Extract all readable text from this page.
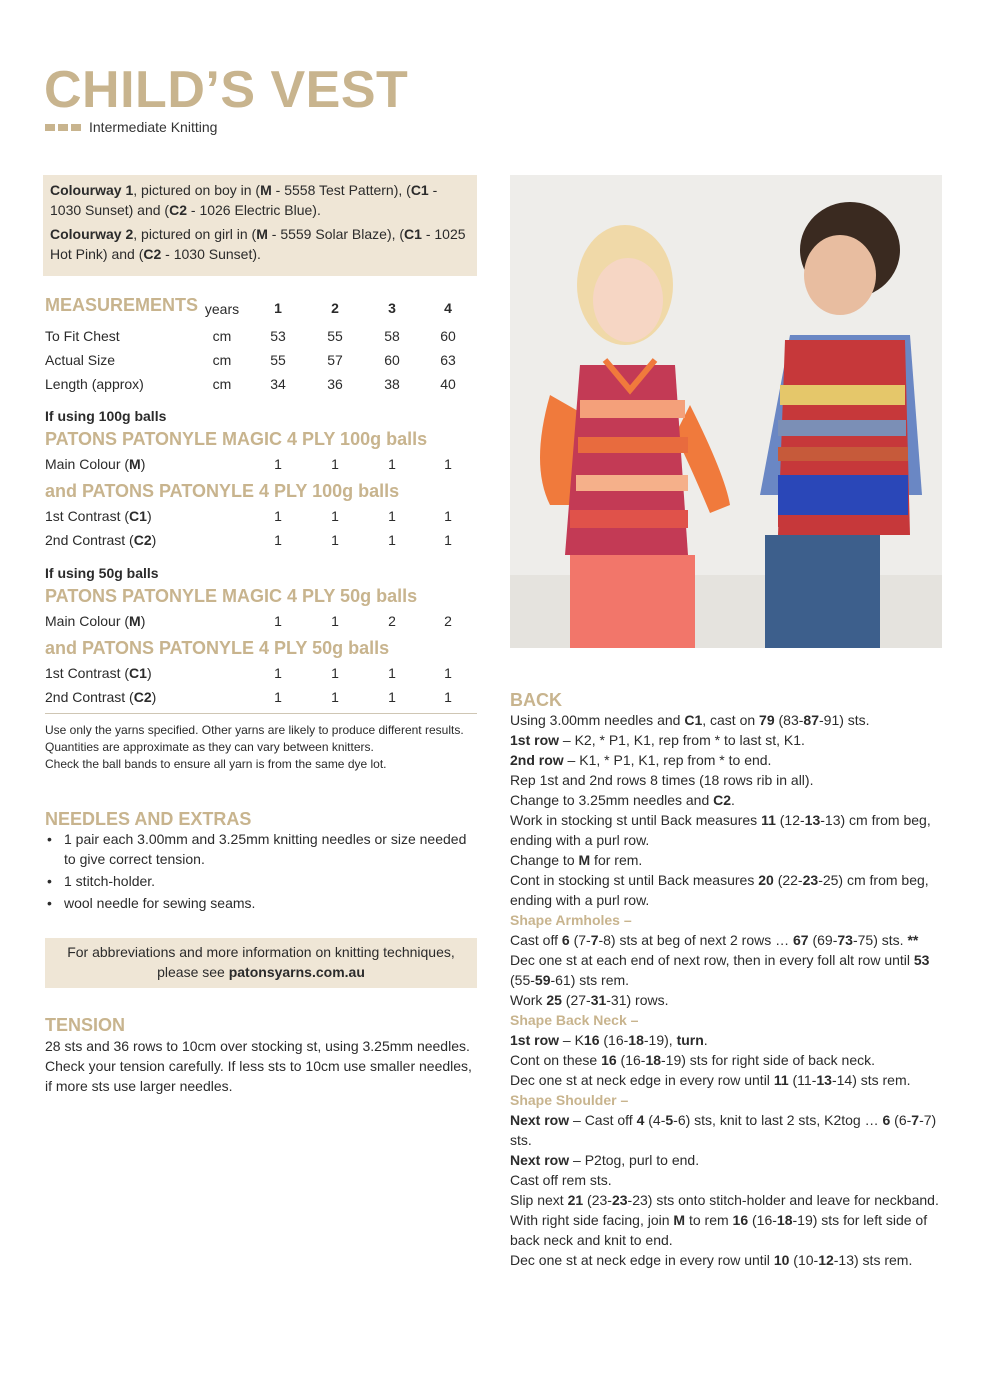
CHILD’S VEST
Intermediate Knitting

Colourway 1, pictured on boy in (M - 5558 Test Pattern), (C1 - 1030 Sunset) and (C2 - 1026 Electric Blue).

Colourway 2, pictured on girl in (M - 5559 Solar Blaze), (C1 - 1025 Hot Pink) and (C2 - 1030 Sunset).

MEASUREMENTS years	1	2	3	4
To Fit Chest	cm	53	55	58	60
Actual Size	cm	55	57	60	63
Length (approx)	cm	34	36	38	40
If using 100g balls
PATONS PATONYLE MAGIC 4 PLY 100g balls
Main Colour (M)	1	1	1	1
and PATONS PATONYLE 4 PLY 100g balls
1st Contrast (C1)	1	1	1	1
2nd Contrast (C2)	1	1	1	1
If using 50g balls
PATONS PATONYLE MAGIC 4 PLY 50g balls
Main Colour (M)	1	1	2	2
and PATONS PATONYLE 4 PLY 50g balls
1st Contrast (C1)	1	1	1	1
2nd Contrast (C2)	1	1	1	1

Use only the yarns specified. Other yarns are likely to produce different results.

Quantities are approximate as they can vary between knitters.

Check the ball bands to ensure all yarn is from the same dye lot.

NEEDLES AND EXTRAS
• 1 pair each 3.00mm and 3.25mm knitting needles or size needed to give correct tension.
• 1 stitch-holder.
• wool needle for sewing seams.
For abbreviations and more information on knitting techniques, please see patonsyarns.com.au
TENSION

28 sts and 36 rows to 10cm over stocking st, using 3.25mm needles.

Check your tension carefully. If less sts to 10cm use smaller needles, if more sts use larger needles.

BACK

Using 3.00mm needles and C1, cast on 79 (83-87-91) sts.

1st row – K2, * P1, K1, rep from * to last st, K1.

2nd row – K1, * P1, K1, rep from * to end.

Rep 1st and 2nd rows 8 times (18 rows rib in all).

Change to 3.25mm needles and C2.

Work in stocking st until Back measures 11 (12-13-13) cm from beg, ending with a purl row.

Change to M for rem.

Cont in stocking st until Back measures 20 (22-23-25) cm from beg, ending with a purl row.

Shape Armholes –

Cast off 6 (7-7-8) sts at beg of next 2 rows … 67 (69-73-75) sts. **

Dec one st at each end of next row, then in every foll alt row until 53 (55-59-61) sts rem.

Work 25 (27-31-31) rows.

Shape Back Neck –

1st row – K16 (16-18-19), turn.

Cont on these 16 (16-18-19) sts for right side of back neck.

Dec one st at neck edge in every row until 11 (11-13-14) sts rem.

Shape Shoulder –

Next row – Cast off 4 (4-5-6) sts, knit to last 2 sts, K2tog … 6 (6-7-7) sts.

Next row – P2tog, purl to end.

Cast off rem sts.

Slip next 21 (23-23-23) sts onto stitch-holder and leave for neckband.

With right side facing, join M to rem 16 (16-18-19) sts for left side of back neck and knit to end.

Dec one st at neck edge in every row until 10 (10-12-13) sts rem.
